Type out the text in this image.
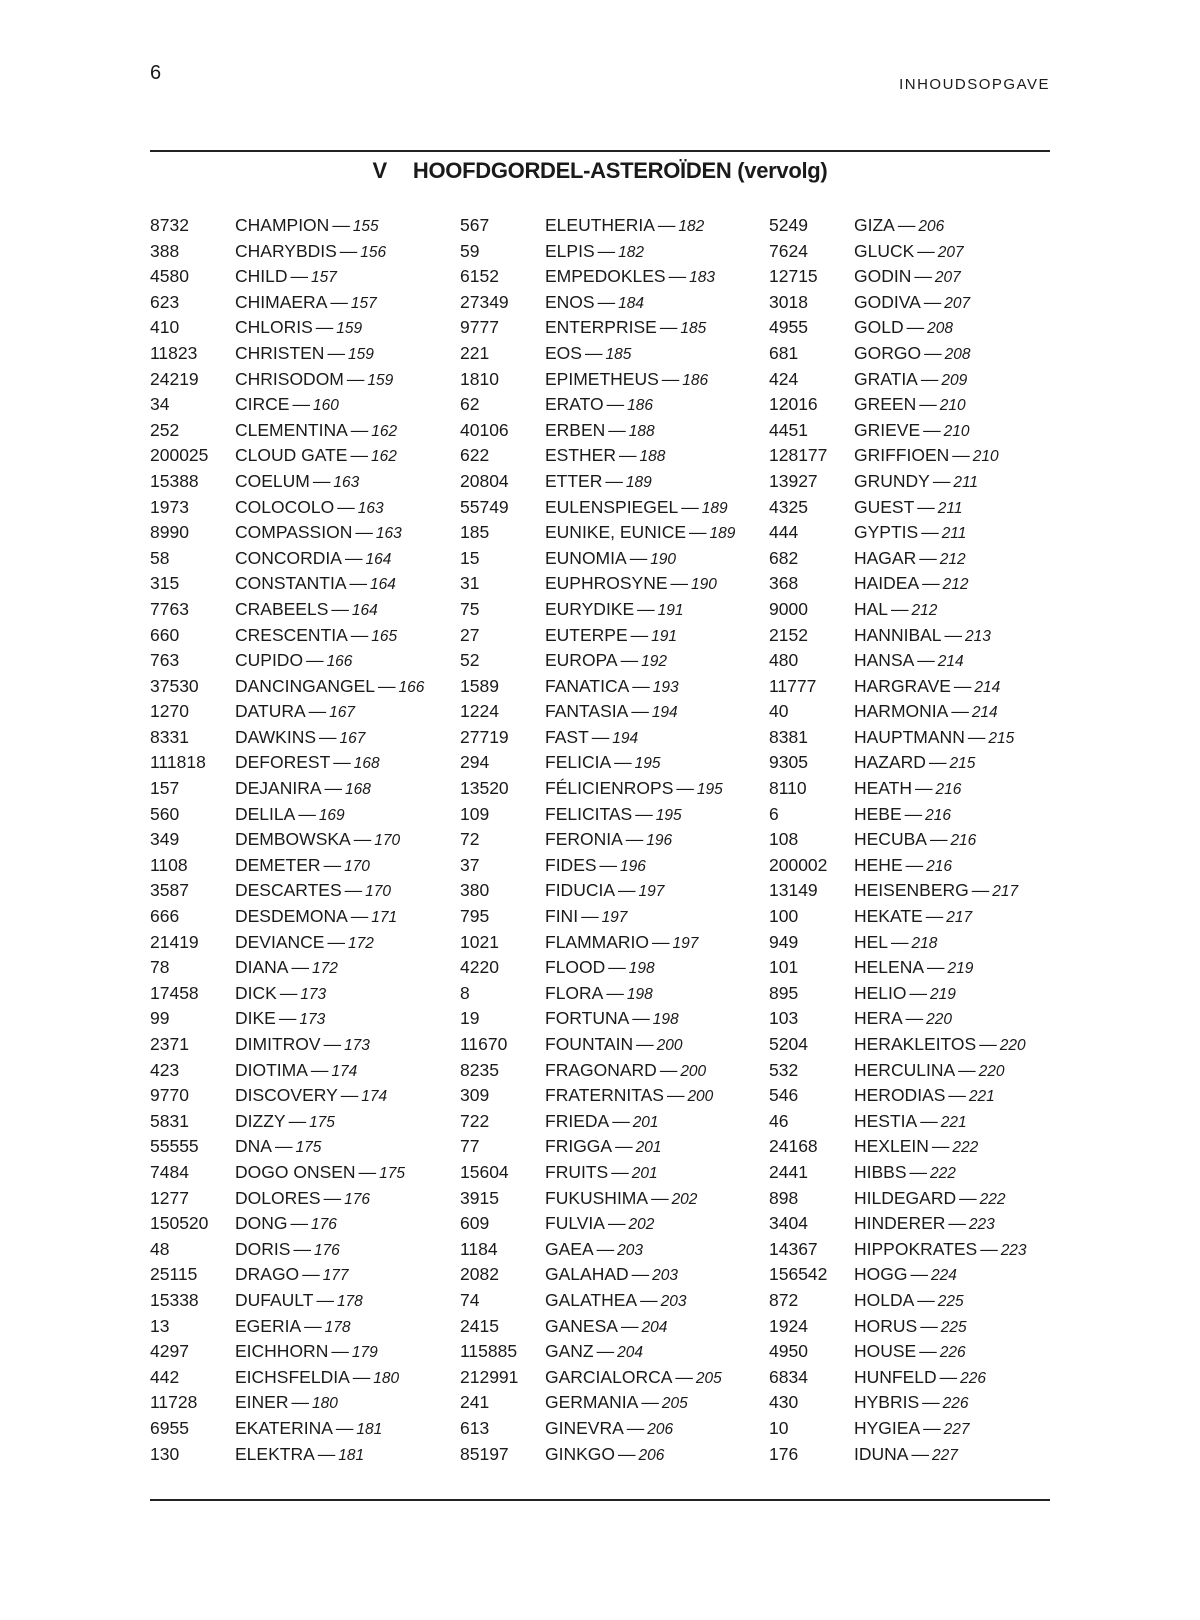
6
INHOUDSOPGAVE
V HOOFDGORDEL-ASTEROÏDEN (vervolg)
8732	CHAMPION — 155
388	CHARYBDIS — 156
4580	CHILD — 157
623	CHIMAERA — 157
410	CHLORIS — 159
11823	CHRISTEN — 159
24219	CHRISODOM — 159
34	CIRCE — 160
252	CLEMENTINA — 162
200025	CLOUD GATE — 162
15388	COELUM — 163
1973	COLOCOLO — 163
8990	COMPASSION — 163
58	CONCORDIA — 164
315	CONSTANTIA — 164
7763	CRABEELS — 164
660	CRESCENTIA — 165
763	CUPIDO — 166
37530	DANCINGANGEL — 166
1270	DATURA — 167
8331	DAWKINS — 167
111818	DEFOREST — 168
157	DEJANIRA — 168
560	DELILA — 169
349	DEMBOWSKA — 170
1108	DEMETER — 170
3587	DESCARTES — 170
666	DESDEMONA — 171
21419	DEVIANCE — 172
78	DIANA — 172
17458	DICK — 173
99	DIKE — 173
2371	DIMITROV — 173
423	DIOTIMA — 174
9770	DISCOVERY — 174
5831	DIZZY — 175
55555	DNA — 175
7484	DOGO ONSEN — 175
1277	DOLORES — 176
150520	DONG — 176
48	DORIS — 176
25115	DRAGO — 177
15338	DUFAULT — 178
13	EGERIA — 178
4297	EICHHORN — 179
442	EICHSFELDIA — 180
11728	EINER — 180
6955	EKATERINA — 181
130	ELEKTRA — 181
567	ELEUTHERIA — 182
59	ELPIS — 182
6152	EMPEDOKLES — 183
27349	ENOS — 184
9777	ENTERPRISE — 185
221	EOS — 185
1810	EPIMETHEUS — 186
62	ERATO — 186
40106	ERBEN — 188
622	ESTHER — 188
20804	ETTER — 189
55749	EULENSPIEGEL — 189
185	EUNIKE, EUNICE — 189
15	EUNOMIA — 190
31	EUPHROSYNE — 190
75	EURYDIKE — 191
27	EUTERPE — 191
52	EUROPA — 192
1589	FANATICA — 193
1224	FANTASIA — 194
27719	FAST — 194
294	FELICIA — 195
13520	FÉLICIENROPS — 195
109	FELICITAS — 195
72	FERONIA — 196
37	FIDES — 196
380	FIDUCIA — 197
795	FINI — 197
1021	FLAMMARIO — 197
4220	FLOOD — 198
8	FLORA — 198
19	FORTUNA — 198
11670	FOUNTAIN — 200
8235	FRAGONARD — 200
309	FRATERNITAS — 200
722	FRIEDA — 201
77	FRIGGA — 201
15604	FRUITS — 201
3915	FUKUSHIMA — 202
609	FULVIA — 202
1184	GAEA — 203
2082	GALAHAD — 203
74	GALATHEA — 203
2415	GANESA — 204
115885	GANZ — 204
212991	GARCIALORCA — 205
241	GERMANIA — 205
613	GINEVRA — 206
85197	GINKGO — 206
5249	GIZA — 206
7624	GLUCK — 207
12715	GODIN — 207
3018	GODIVA — 207
4955	GOLD — 208
681	GORGO — 208
424	GRATIA — 209
12016	GREEN — 210
4451	GRIEVE — 210
128177	GRIFFIOEN — 210
13927	GRUNDY — 211
4325	GUEST — 211
444	GYPTIS — 211
682	HAGAR — 212
368	HAIDEA — 212
9000	HAL — 212
2152	HANNIBAL — 213
480	HANSA — 214
11777	HARGRAVE — 214
40	HARMONIA — 214
8381	HAUPTMANN — 215
9305	HAZARD — 215
8110	HEATH — 216
6	HEBE — 216
108	HECUBA — 216
200002	HEHE — 216
13149	HEISENBERG — 217
100	HEKATE — 217
949	HEL — 218
101	HELENA — 219
895	HELIO — 219
103	HERA — 220
5204	HERAKLEITOS — 220
532	HERCULINA — 220
546	HERODIAS — 221
46	HESTIA — 221
24168	HEXLEIN — 222
2441	HIBBS — 222
898	HILDEGARD — 222
3404	HINDERER — 223
14367	HIPPOKRATES — 223
156542	HOGG — 224
872	HOLDA — 225
1924	HORUS — 225
4950	HOUSE — 226
6834	HUNFELD — 226
430	HYBRIS — 226
10	HYGIEA — 227
176	IDUNA — 227
